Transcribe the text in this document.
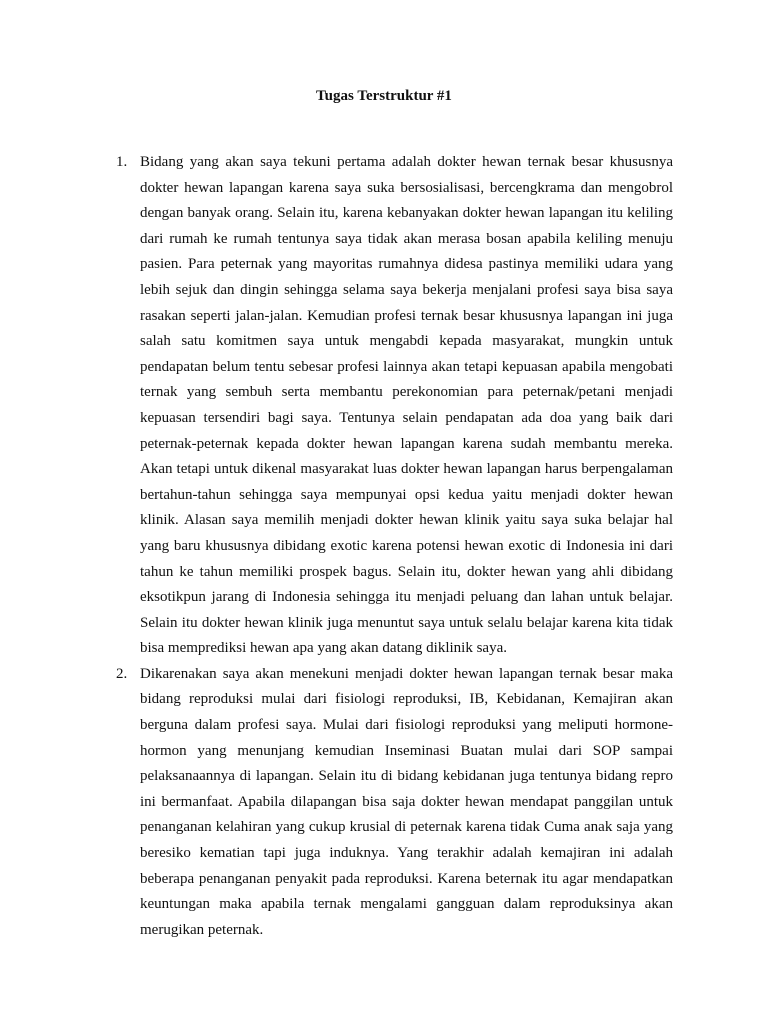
Tugas Terstruktur #1
1. Bidang yang akan saya tekuni pertama adalah dokter hewan ternak besar khususnya dokter hewan lapangan karena saya suka bersosialisasi, bercengkrama dan mengobrol dengan banyak orang. Selain itu, karena kebanyakan dokter hewan lapangan itu keliling dari rumah ke rumah tentunya saya tidak akan merasa bosan apabila keliling menuju pasien. Para peternak yang mayoritas rumahnya didesa pastinya memiliki udara yang lebih sejuk dan dingin sehingga selama saya bekerja menjalani profesi saya bisa saya rasakan seperti jalan-jalan. Kemudian profesi ternak besar khususnya lapangan ini juga salah satu komitmen saya untuk mengabdi kepada masyarakat, mungkin untuk pendapatan belum tentu sebesar profesi lainnya akan tetapi kepuasan apabila mengobati ternak yang sembuh serta membantu perekonomian para peternak/petani menjadi kepuasan tersendiri bagi saya. Tentunya selain pendapatan ada doa yang baik dari peternak-peternak kepada dokter hewan lapangan karena sudah membantu mereka. Akan tetapi untuk dikenal masyarakat luas dokter hewan lapangan harus berpengalaman bertahun-tahun sehingga saya mempunyai opsi kedua yaitu menjadi dokter hewan klinik. Alasan saya memilih menjadi dokter hewan klinik yaitu saya suka belajar hal yang baru khususnya dibidang exotic karena potensi hewan exotic di Indonesia ini dari tahun ke tahun memiliki prospek bagus. Selain itu, dokter hewan yang ahli dibidang eksotikpun jarang di Indonesia sehingga itu menjadi peluang dan lahan untuk belajar. Selain itu dokter hewan klinik juga menuntut saya untuk selalu belajar karena kita tidak bisa memprediksi hewan apa yang akan datang diklinik saya.

2. Dikarenakan saya akan menekuni menjadi dokter hewan lapangan ternak besar maka bidang reproduksi mulai dari fisiologi reproduksi, IB, Kebidanan, Kemajiran akan berguna dalam profesi saya. Mulai dari fisiologi reproduksi yang meliputi hormone-hormon yang menunjang kemudian Inseminasi Buatan mulai dari SOP sampai pelaksanaannya di lapangan. Selain itu di bidang kebidanan juga tentunya bidang repro ini bermanfaat. Apabila dilapangan bisa saja dokter hewan mendapat panggilan untuk penanganan kelahiran yang cukup krusial di peternak karena tidak Cuma anak saja yang beresiko kematian tapi juga induknya. Yang terakhir adalah kemajiran ini adalah beberapa penanganan penyakit pada reproduksi. Karena beternak itu agar mendapatkan keuntungan maka apabila ternak mengalami gangguan dalam reproduksinya akan merugikan peternak.
